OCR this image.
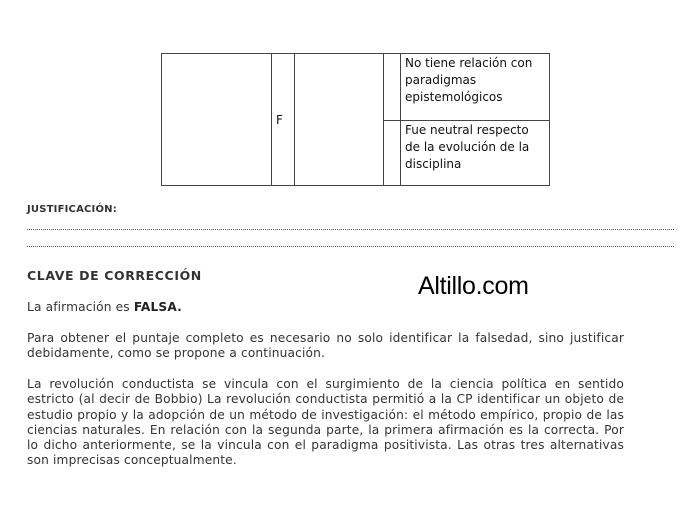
	F			No tiene relación con paradigmas epistemológicos
				Fue neutral respecto de la evolución de la disciplina
JUSTIFICACIÓN:
CLAVE DE CORRECCIÓN	Altillo.com
La afirmación es FALSA.
Para obtener el puntaje completo es necesario no solo identificar la falsedad, sino justificar debidamente, como se propone a continuación.
La revolución conductista se vincula con el surgimiento de la ciencia política en sentido estricto (al decir de Bobbio) La revolución conductista permitió a la CP identificar un objeto de estudio propio y la adopción de un método de investigación: el método empírico, propio de las ciencias naturales. En relación con la segunda parte, la primera afirmación es la correcta. Por lo dicho anteriormente, se la vincula con el paradigma positivista. Las otras tres alternativas son imprecisas conceptualmente.
